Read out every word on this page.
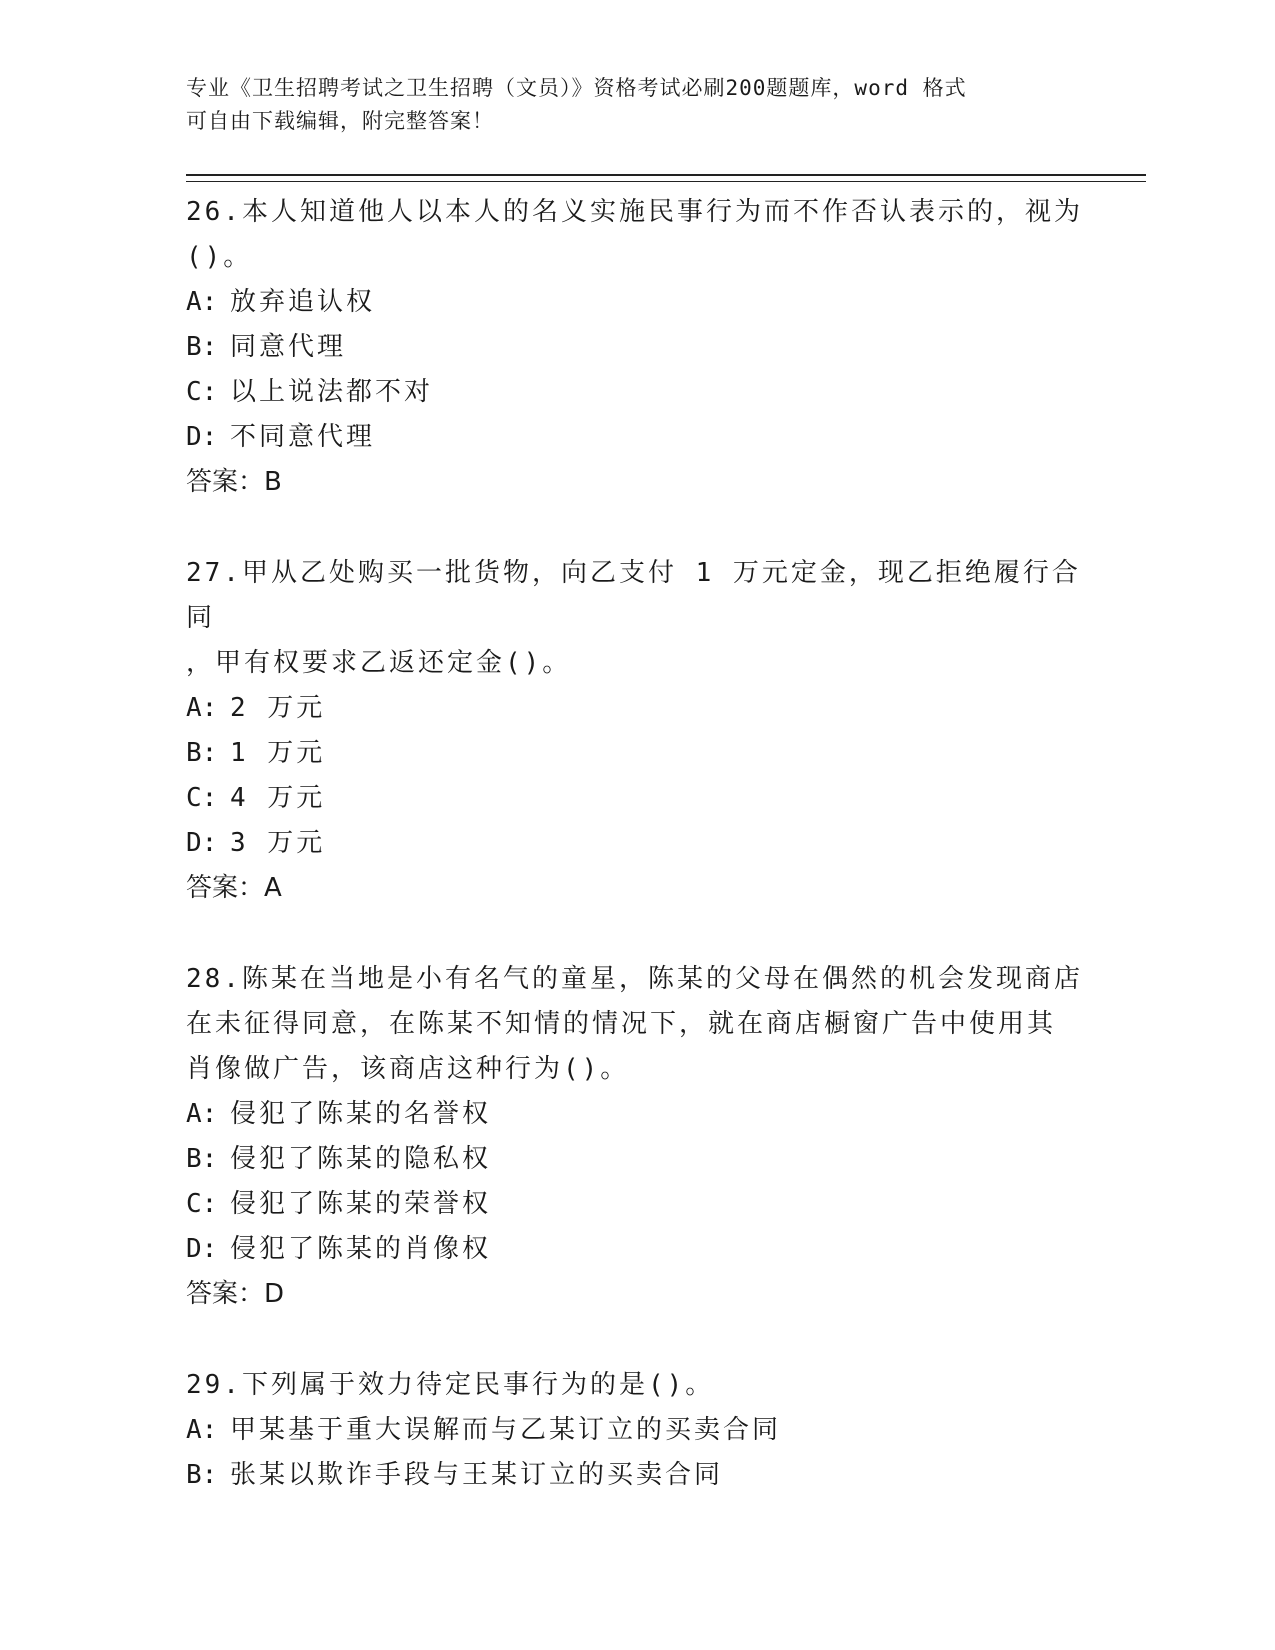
专业《卫生招聘考试之卫生招聘（文员）》资格考试必刷200题题库，word 格式
可自由下载编辑，附完整答案！
26.本人知道他人以本人的名义实施民事行为而不作否认表示的，视为
()。
A: 放弃追认权
B: 同意代理
C: 以上说法都不对
D: 不同意代理
答案：B
27.甲从乙处购买一批货物，向乙支付 1 万元定金，现乙拒绝履行合同
，甲有权要求乙返还定金()。
A: 2 万元
B: 1 万元
C: 4 万元
D: 3 万元
答案：A
28.陈某在当地是小有名气的童星，陈某的父母在偶然的机会发现商店
在未征得同意，在陈某不知情的情况下，就在商店橱窗广告中使用其
肖像做广告，该商店这种行为()。
A: 侵犯了陈某的名誉权
B: 侵犯了陈某的隐私权
C: 侵犯了陈某的荣誉权
D: 侵犯了陈某的肖像权
答案：D
29.下列属于效力待定民事行为的是()。
A: 甲某基于重大误解而与乙某订立的买卖合同
B: 张某以欺诈手段与王某订立的买卖合同
